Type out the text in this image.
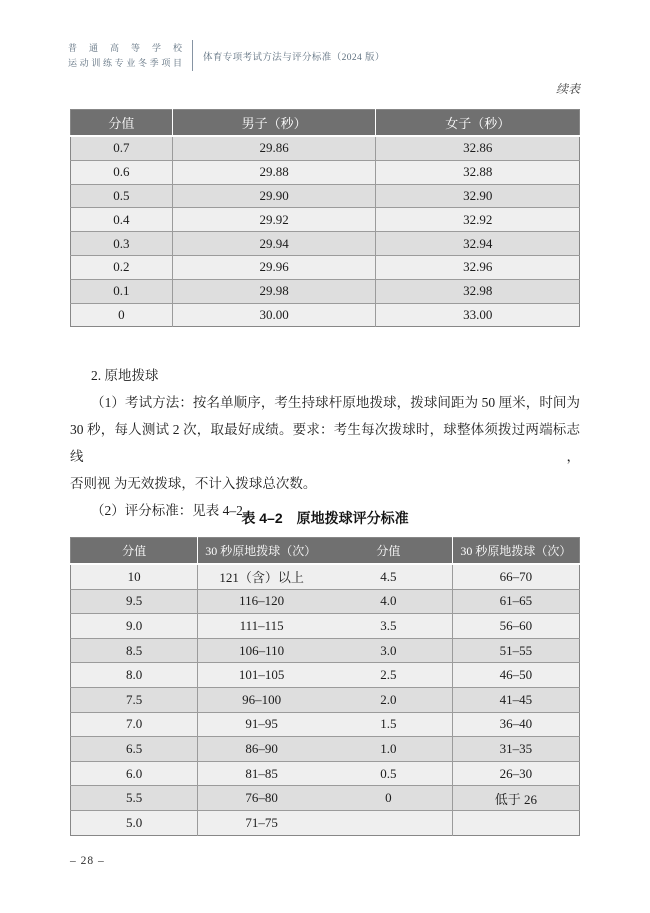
普通高等学校
运动训练专业冬季项目 体育专项考试方法与评分标准（2024 版）
续表
分值	男子（秒）	女子（秒）
0.7	29.86	32.86
0.6	29.88	32.88
0.5	29.90	32.90
0.4	29.92	32.92
0.3	29.94	32.94
0.2	29.96	32.96
0.1	29.98	32.98
0	30.00	33.00
2. 原地拨球
（1）考试方法：按名单顺序，考生持球杆原地拨球，拨球间距为 50 厘米，时间为
30 秒，每人测试 2 次，取最好成绩。要求：考生每次拨球时，球整体须拨过两端标志线，
否则视 为无效拨球，不计入拨球总次数。
（2）评分标准：见表 4–2。
表 4–2　原地拨球评分标准
分值	30 秒原地拨球（次）	分值	30 秒原地拨球（次）
10	121（含）以上	4.5	66–70
9.5	116–120	4.0	61–65
9.0	111–115	3.5	56–60
8.5	106–110	3.0	51–55
8.0	101–105	2.5	46–50
7.5	96–100	2.0	41–45
7.0	91–95	1.5	36–40
6.5	86–90	1.0	31–35
6.0	81–85	0.5	26–30
5.5	76–80	0	低于 26
5.0	71–75		
– 28 –
